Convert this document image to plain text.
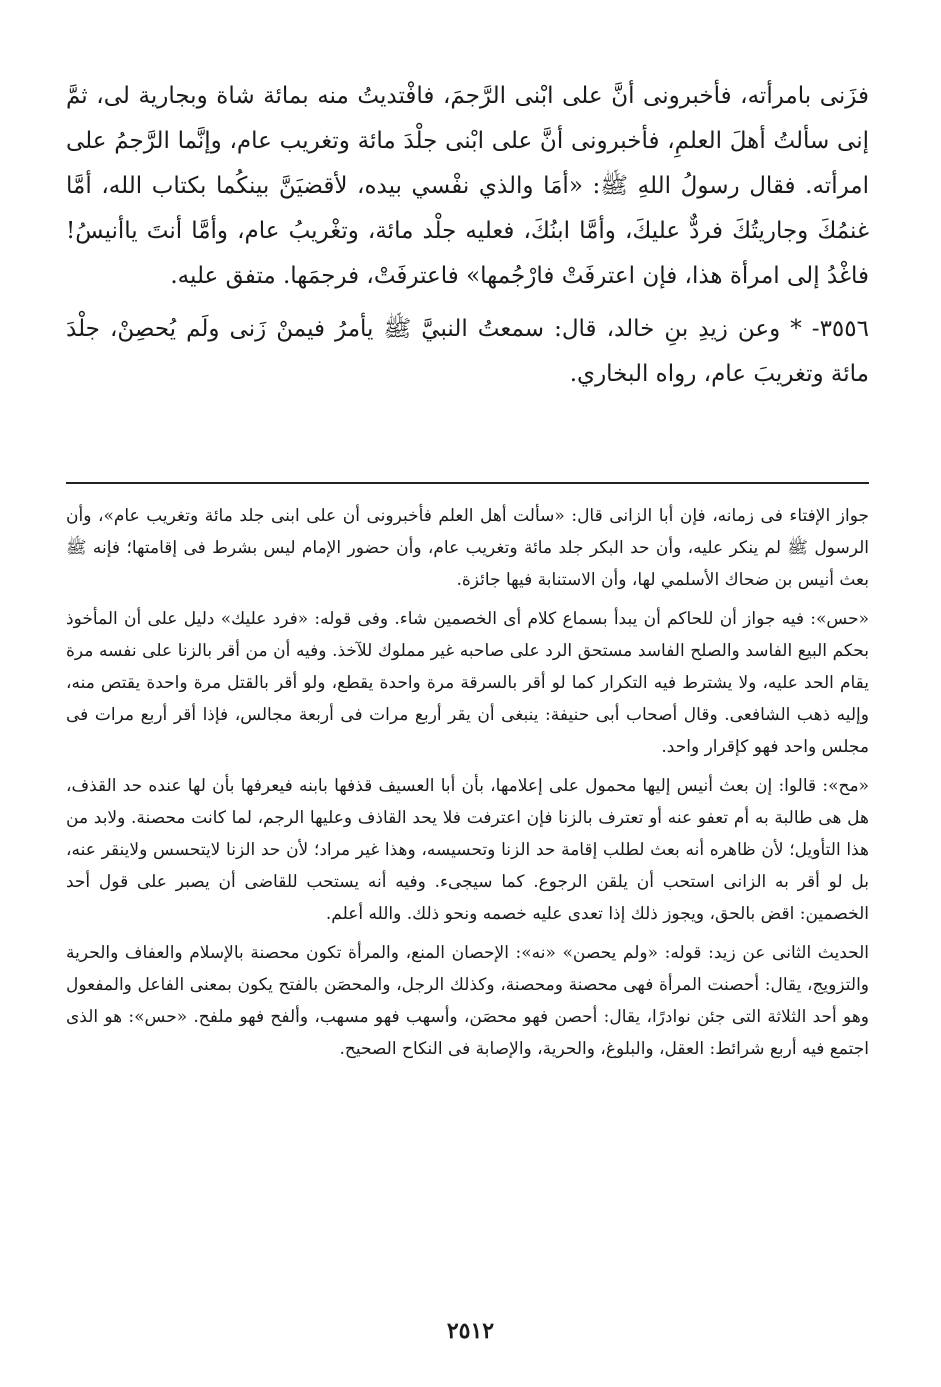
فزَنى بامرأته، فأخبرونى أنَّ على ابْنى الرَّجمَ، فافْتديتُ منه بمائة شاة وبجارية لى، ثمَّ إنى سألتُ أهلَ العلمِ، فأخبرونى أنَّ على ابْنى جلْدَ مائة وتغريب عام، وإنَّما الرَّجمُ على امرأته. فقال رسولُ اللهِ ﷺ: «أمَا والذي نفْسي بيده، لأقضيَنَّ بينكُما بكتاب الله، أمَّا غنمُكَ وجاريتُكَ فردٌّ عليكَ، وأمَّا ابنُكَ، فعليه جلْد مائة، وتغْريبُ عام، وأمَّا أنتَ ياأنيسُ! فاغْدُ إلى امرأة هذا، فإن اعترفَتْ فارْجُمها» فاعترفَتْ، فرجمَها. متفق عليه.

٣٥٥٦- * وعن زيدِ بنِ خالد، قال: سمعتُ النبيَّ ﷺ يأمرُ فيمنْ زَنى ولَم يُحصِنْ، جلْدَ مائة وتغريبَ عام، رواه البخاري.

جواز الإفتاء فى زمانه، فإن أبا الزانى قال: «سألت أهل العلم فأخبرونى أن على ابنى جلد مائة وتغريب عام»، وأن الرسول ﷺ لم ينكر عليه، وأن حد البكر جلد مائة وتغريب عام، وأن حضور الإمام ليس بشرط فى إقامتها؛ فإنه ﷺ بعث أنيس بن ضحاك الأسلمي لها، وأن الاستنابة فيها جائزة.

«حس»: فيه جواز أن للحاكم أن يبدأ بسماع كلام أى الخصمين شاء. وفى قوله: «فرد عليك» دليل على أن المأخوذ بحكم البيع الفاسد والصلح الفاسد مستحق الرد على صاحبه غير مملوك للآخذ. وفيه أن من أقر بالزنا على نفسه مرة يقام الحد عليه، ولا يشترط فيه التكرار كما لو أقر بالسرقة مرة واحدة يقطع، ولو أقر بالقتل مرة واحدة يقتص منه، وإليه ذهب الشافعى. وقال أصحاب أبى حنيفة: ينبغى أن يقر أربع مرات فى أربعة مجالس، فإذا أقر أربع مرات فى مجلس واحد فهو كإقرار واحد.

«مح»: قالوا: إن بعث أنيس إليها محمول على إعلامها، بأن أبا العسيف قذفها بابنه فيعرفها بأن لها عنده حد القذف، هل هى طالبة به أم تعفو عنه أو تعترف بالزنا فإن اعترفت فلا يحد القاذف وعليها الرجم، لما كانت محصنة. ولابد من هذا التأويل؛ لأن ظاهره أنه بعث لطلب إقامة حد الزنا وتحسيسه، وهذا غير مراد؛ لأن حد الزنا لايتحسس ولاينقر عنه، بل لو أقر به الزانى استحب أن يلقن الرجوع. كما سيجىء. وفيه أنه يستحب للقاضى أن يصبر على قول أحد الخصمين: اقض بالحق، ويجوز ذلك إذا تعدى عليه خصمه ونحو ذلك. والله أعلم.

الحديث الثانى عن زيد: قوله: «ولم يحصن» «نه»: الإحصان المنع، والمرأة تكون محصنة بالإسلام والعفاف والحرية والتزويج، يقال: أحصنت المرأة فهى محصنة ومحصنة، وكذلك الرجل، والمحصَن بالفتح يكون بمعنى الفاعل والمفعول وهو أحد الثلاثة التى جئن نوادرًا، يقال: أحصن فهو محصَن، وأسهب فهو مسهب، وألفح فهو ملفح. «حس»: هو الذى اجتمع فيه أربع شرائط: العقل، والبلوغ، والحرية، والإصابة فى النكاح الصحيح.

٢٥١٢
